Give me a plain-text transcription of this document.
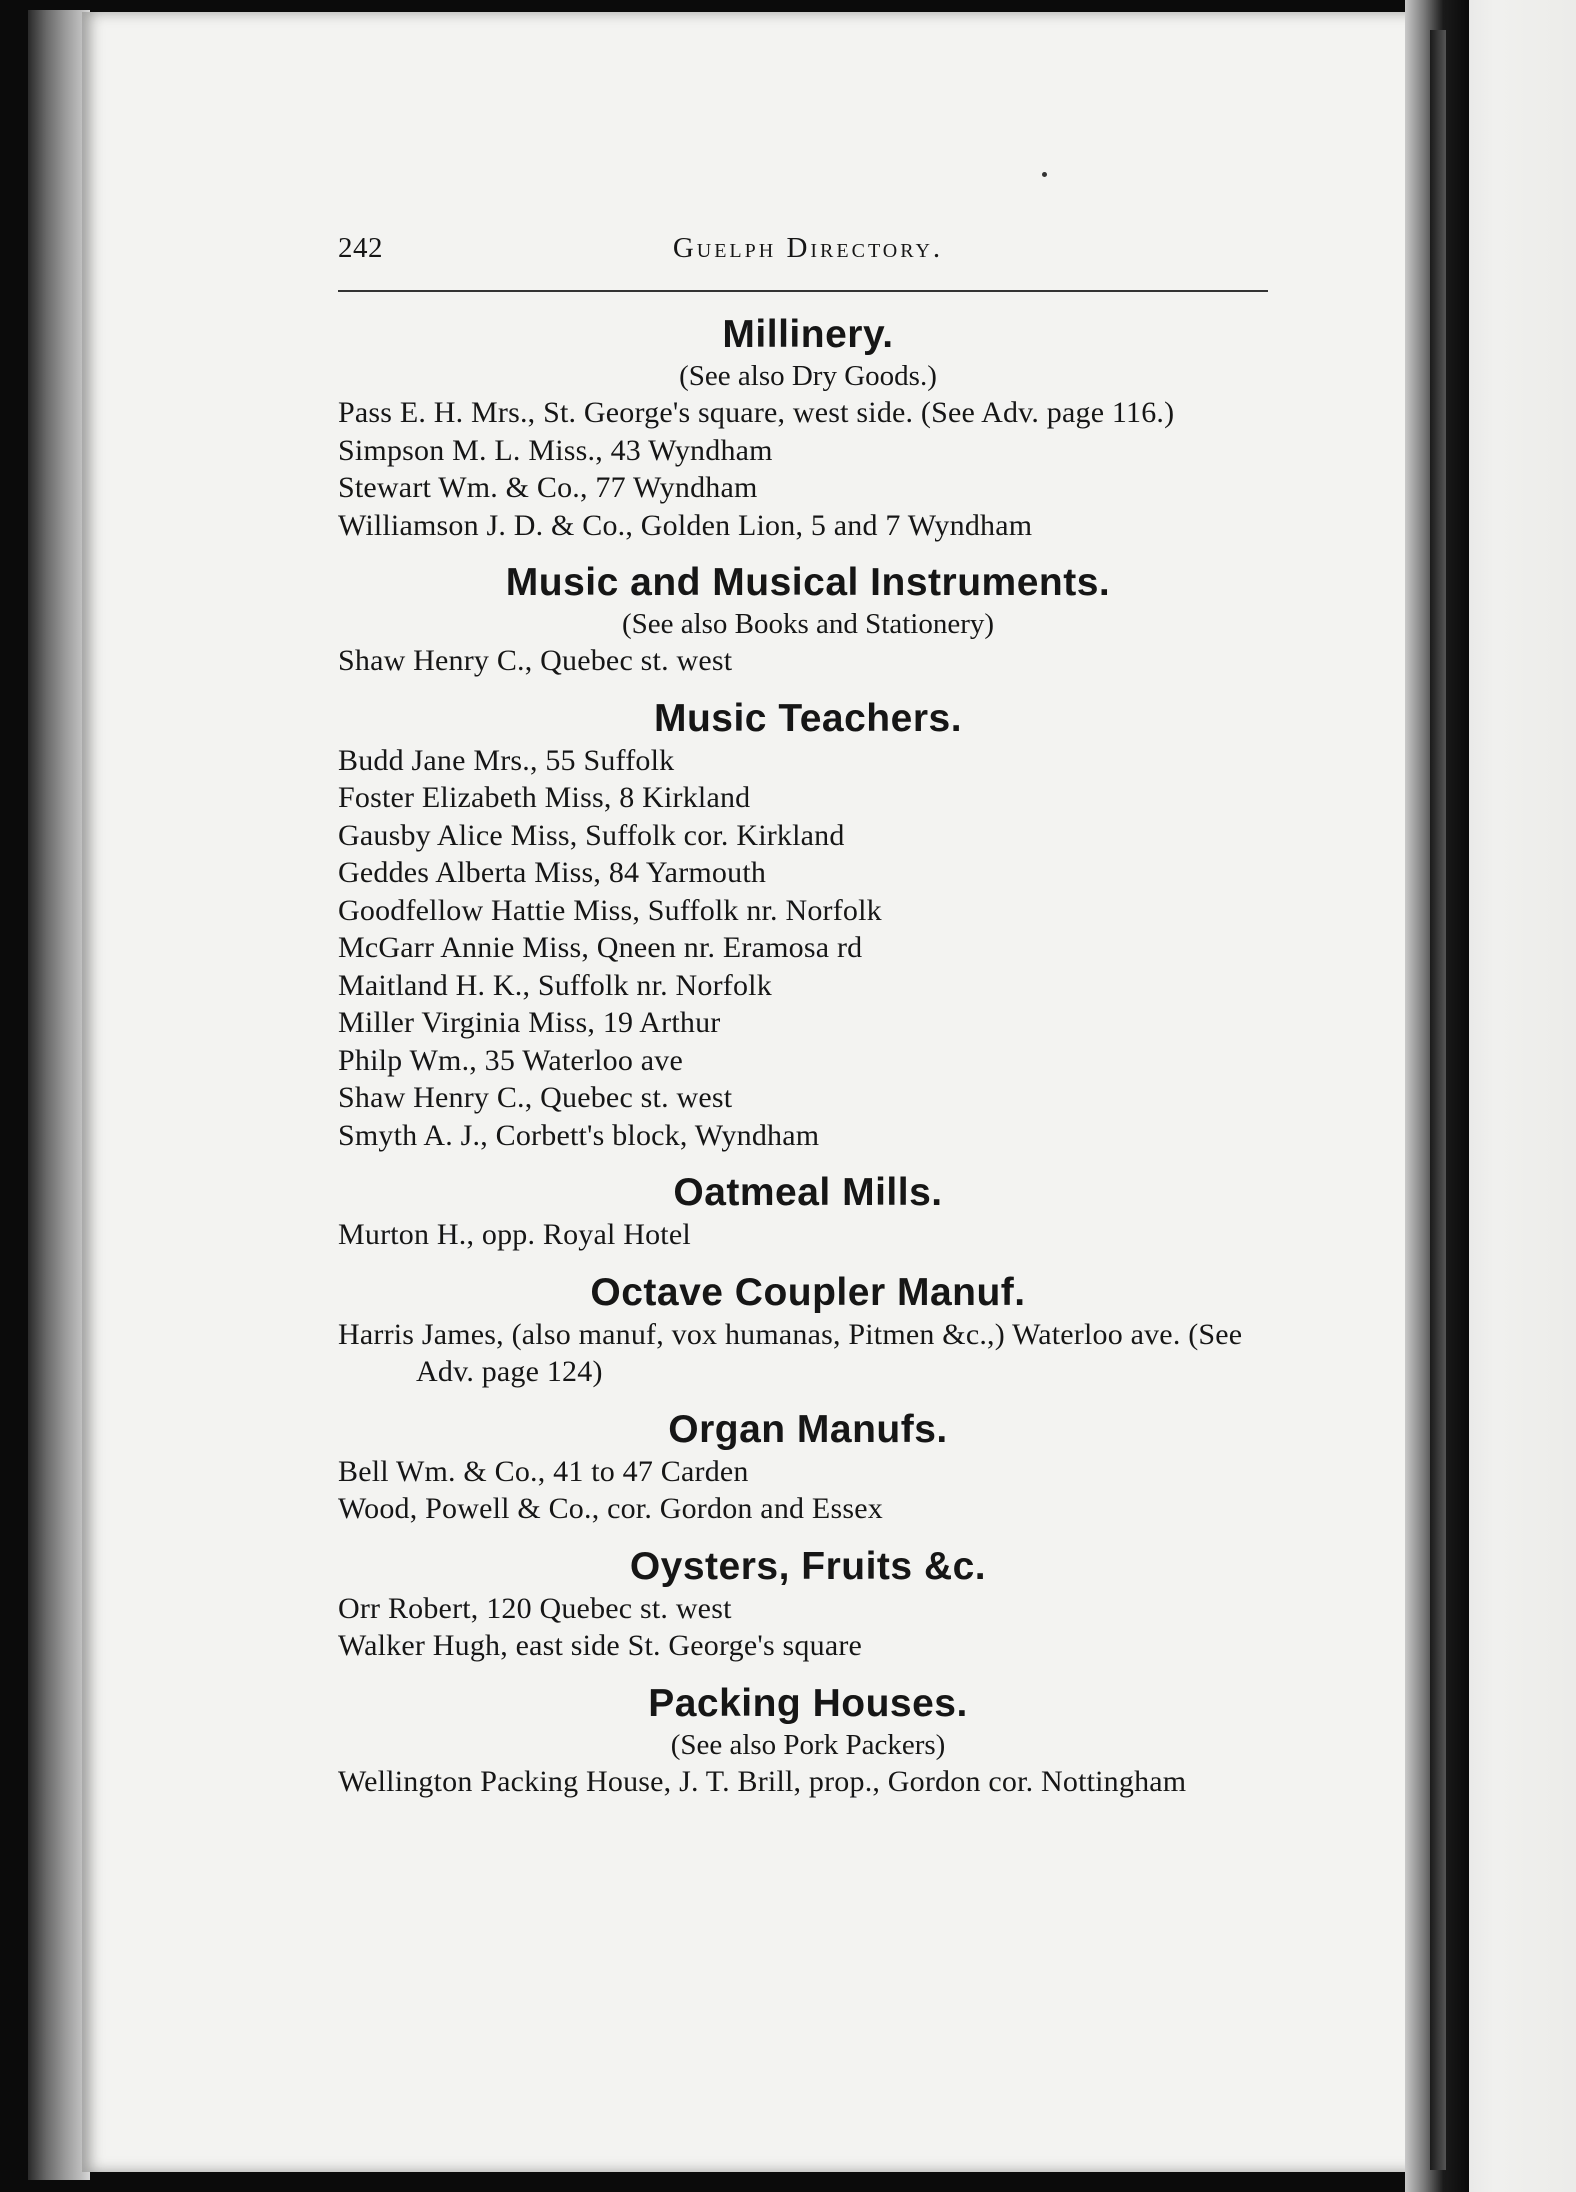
242	Guelph Directory.
Millinery.
(See also Dry Goods.)
Pass E. H. Mrs., St. George's square, west side. (See Adv. page 116.)
Simpson M. L. Miss., 43 Wyndham
Stewart Wm. & Co., 77 Wyndham
Williamson J. D. & Co., Golden Lion, 5 and 7 Wyndham
Music and Musical Instruments.
(See also Books and Stationery)
Shaw Henry C., Quebec st. west
Music Teachers.
Budd Jane Mrs., 55 Suffolk
Foster Elizabeth Miss, 8 Kirkland
Gausby Alice Miss, Suffolk cor. Kirkland
Geddes Alberta Miss, 84 Yarmouth
Goodfellow Hattie Miss, Suffolk nr. Norfolk
McGarr Annie Miss, Qneen nr. Eramosa rd
Maitland H. K., Suffolk nr. Norfolk
Miller Virginia Miss, 19 Arthur
Philp Wm., 35 Waterloo ave
Shaw Henry C., Quebec st. west
Smyth A. J., Corbett's block, Wyndham
Oatmeal Mills.
Murton H., opp. Royal Hotel
Octave Coupler Manuf.
Harris James, (also manuf, vox humanas, Pitmen &c.,) Waterloo ave. (See Adv. page 124)
Organ Manufs.
Bell Wm. & Co., 41 to 47 Carden
Wood, Powell & Co., cor. Gordon and Essex
Oysters, Fruits &c.
Orr Robert, 120 Quebec st. west
Walker Hugh, east side St. George's square
Packing Houses.
(See also Pork Packers)
Wellington Packing House, J. T. Brill, prop., Gordon cor. Nottingham
